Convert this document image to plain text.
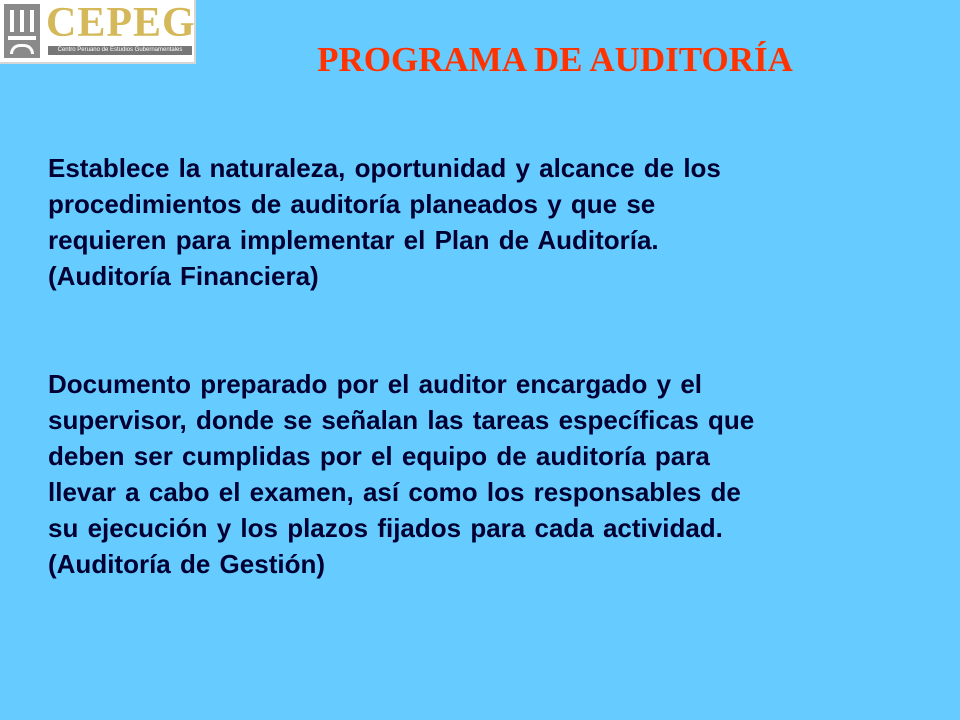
CEPEG
Centro Peruano de Estudios Gubernamentales	PROGRAMA DE AUDITORÍA

Establece la naturaleza, oportunidad y alcance de los
procedimientos de auditoría planeados y que se
requieren para implementar el Plan de Auditoría.
(Auditoría Financiera)

Documento preparado por el auditor encargado y el
supervisor, donde se señalan las tareas específicas que
deben ser cumplidas por el equipo de auditoría para
llevar a cabo el examen, así como los responsables de
su ejecución y los plazos fijados para cada actividad.
(Auditoría de Gestión)
